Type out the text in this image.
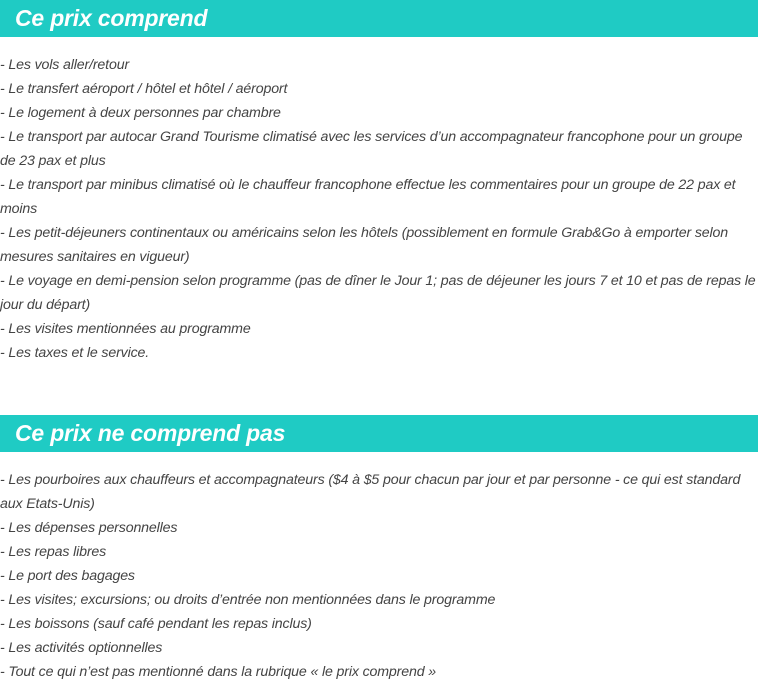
Ce prix comprend
- Les vols aller/retour
- Le transfert aéroport / hôtel et hôtel / aéroport
- Le logement à deux personnes par chambre
- Le transport par autocar Grand Tourisme climatisé avec les services d’un accompagnateur francophone pour un groupe de 23 pax et plus
- Le transport par minibus climatisé où le chauffeur francophone effectue les commentaires pour un groupe de 22 pax et moins
- Les petit-déjeuners continentaux ou américains selon les hôtels (possiblement en formule Grab&Go à emporter selon mesures sanitaires en vigueur)
- Le voyage en demi-pension selon programme (pas de dîner le Jour 1; pas de déjeuner les jours 7 et 10 et pas de repas le jour du départ)
- Les visites mentionnées au programme
- Les taxes et le service.
Ce prix ne comprend pas
- Les pourboires aux chauffeurs et accompagnateurs ($4 à $5 pour chacun par jour et par personne - ce qui est standard aux Etats-Unis)
- Les dépenses personnelles
- Les repas libres
- Le port des bagages
- Les visites; excursions; ou droits d’entrée non mentionnées dans le programme
- Les boissons (sauf café pendant les repas inclus)
- Les activités optionnelles
- Tout ce qui n’est pas mentionné dans la rubrique « le prix comprend »
